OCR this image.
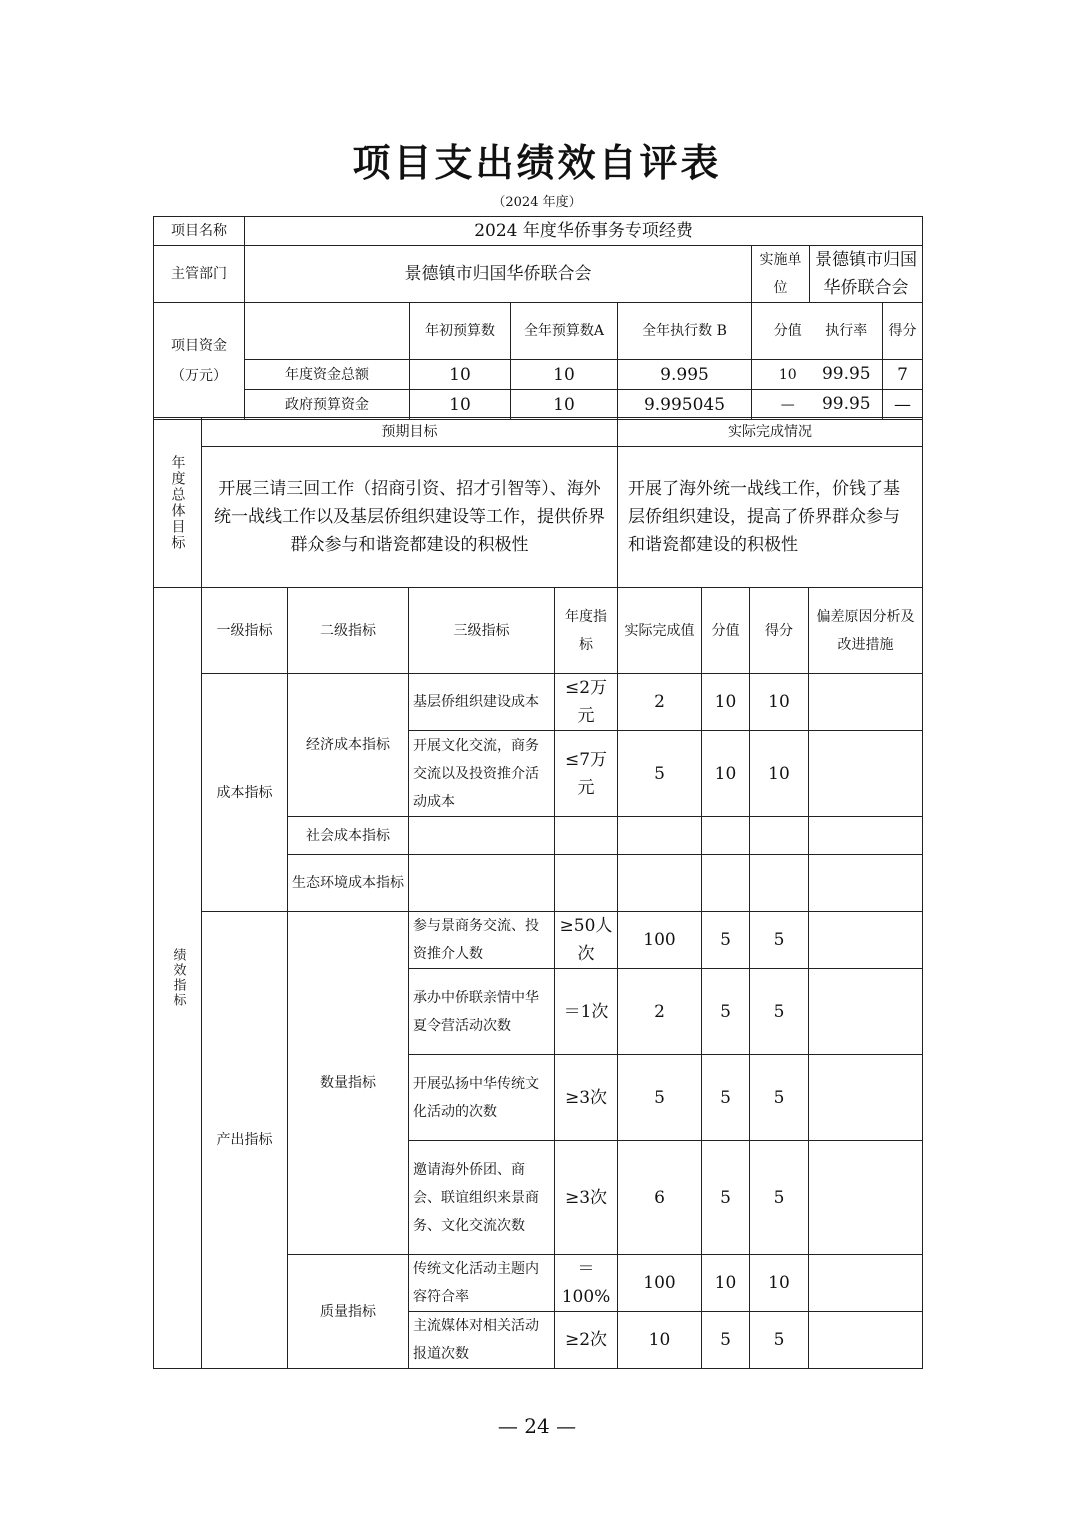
项目支出绩效自评表
（2024 年度）
项目名称	2024 年度华侨事务专项经费						
主管部门	景德镇市归国华侨联合会				实施单位	景德镇市归国华侨联合会	
项目资金（万元）		年初预算数	全年预算数A	全年执行数 B	分值 执行率		得分
	年度资金总额	10	10	9.995	10 99.95		7
	政府预算资金	10	10	9.995045	— 99.95		—
年度总体目标	预期目标	实际完成情况
	开展三请三回工作（招商引资、招才引智等）、海外统一战线工作以及基层侨组织建设等工作，提供侨界群众参与和谐瓷都建设的积极性	开展了海外统一战线工作，价钱了基层侨组织建设，提高了侨界群众参与和谐瓷都建设的积极性
绩效指标	一级指标	二级指标	三级指标	年度指标	实际完成值	分值	得分	偏差原因分析及改进措施
	成本指标	经济成本指标	基层侨组织建设成本	≤2万元	2	10	10	
			开展文化交流，商务交流以及投资推介活动成本	≤7万元	5	10	10	
		社会成本指标						
		生态环境成本指标						
	产出指标	数量指标	参与景商务交流、投资推介人数	≥50人次	100	5	5	
			承办中侨联亲情中华夏令营活动次数	＝1次	2	5	5	
			开展弘扬中华传统文化活动的次数	≥3次	5	5	5	
			邀请海外侨团、商会、联谊组织来景商务、文化交流次数	≥3次	6	5	5	
		质量指标	传统文化活动主题内容符合率	＝100%	100	10	10	
			主流媒体对相关活动报道次数	≥2次	10	5	5	
— 24 —
